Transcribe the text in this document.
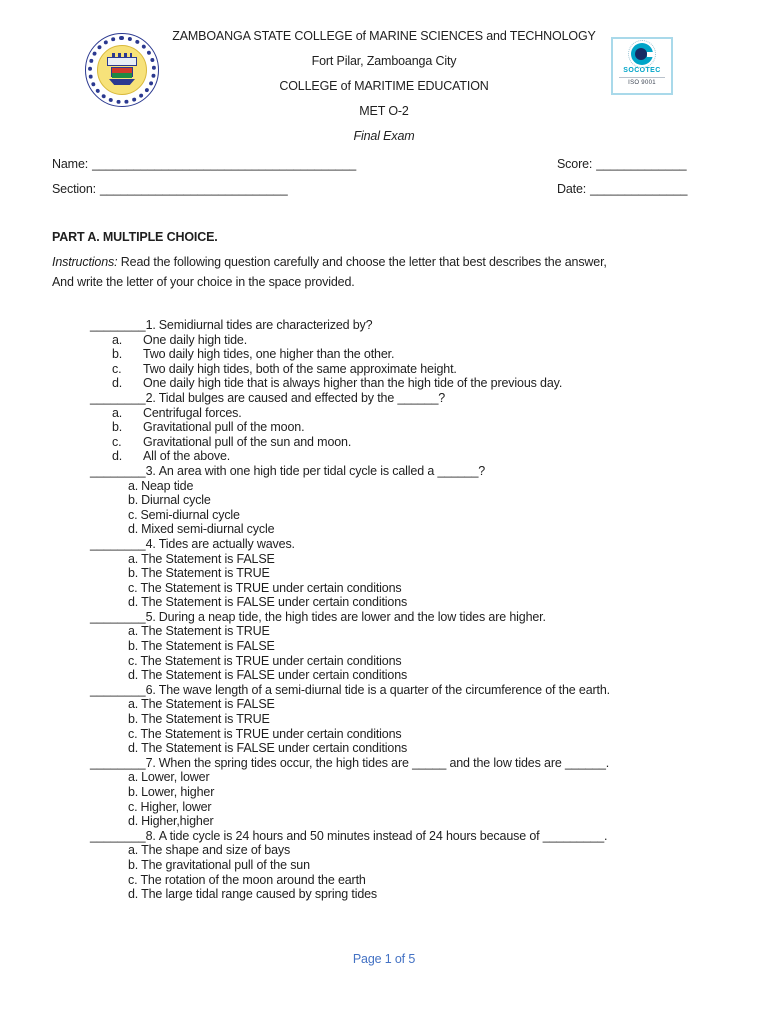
ZAMBOANGA STATE COLLEGE of MARINE SCIENCES and TECHNOLOGY
Fort Pilar, Zamboanga City
COLLEGE of MARITIME EDUCATION
MET O-2
Final Exam
SOCOTEC
ISO 9001
Name: ______________________________________	Score: _____________
Section: ___________________________	Date: ______________
PART A. MULTIPLE CHOICE.
Instructions: Read the following question carefully and choose the letter that best describes the answer,
And write the letter of your choice in the space provided.
________1. Semidiurnal tides are characterized by?
a. One daily high tide.
b. Two daily high tides, one higher than the other.
c. Two daily high tides, both of the same approximate height.
d. One daily high tide that is always higher than the high tide of the previous day.
________2. Tidal bulges are caused and effected by the ______?
a. Centrifugal forces.
b. Gravitational pull of the moon.
c. Gravitational pull of the sun and moon.
d. All of the above.
________3. An area with one high tide per tidal cycle is called a ______?
a. Neap tide
b. Diurnal cycle
c. Semi-diurnal cycle
d. Mixed semi-diurnal cycle
________4. Tides are actually waves.
a. The Statement is FALSE
b. The Statement is TRUE
c. The Statement is TRUE under certain conditions
d. The Statement is FALSE under certain conditions
________5. During a neap tide, the high tides are lower and the low tides are higher.
a. The Statement is TRUE
b. The Statement is FALSE
c. The Statement is TRUE under certain conditions
d. The Statement is FALSE under certain conditions
________6. The wave length of a semi-diurnal tide is a quarter of the circumference of the earth.
a. The Statement is FALSE
b. The Statement is TRUE
c. The Statement is TRUE under certain conditions
d. The Statement is FALSE under certain conditions
________7. When the spring tides occur, the high tides are _____ and the low tides are ______.
a. Lower, lower
b. Lower, higher
c. Higher, lower
d. Higher,higher
________8. A tide cycle is 24 hours and 50 minutes instead of 24 hours because of _________.
a. The shape and size of bays
b. The gravitational pull of the sun
c. The rotation of the moon around the earth
d. The large tidal range caused by spring tides
Page 1 of 5
